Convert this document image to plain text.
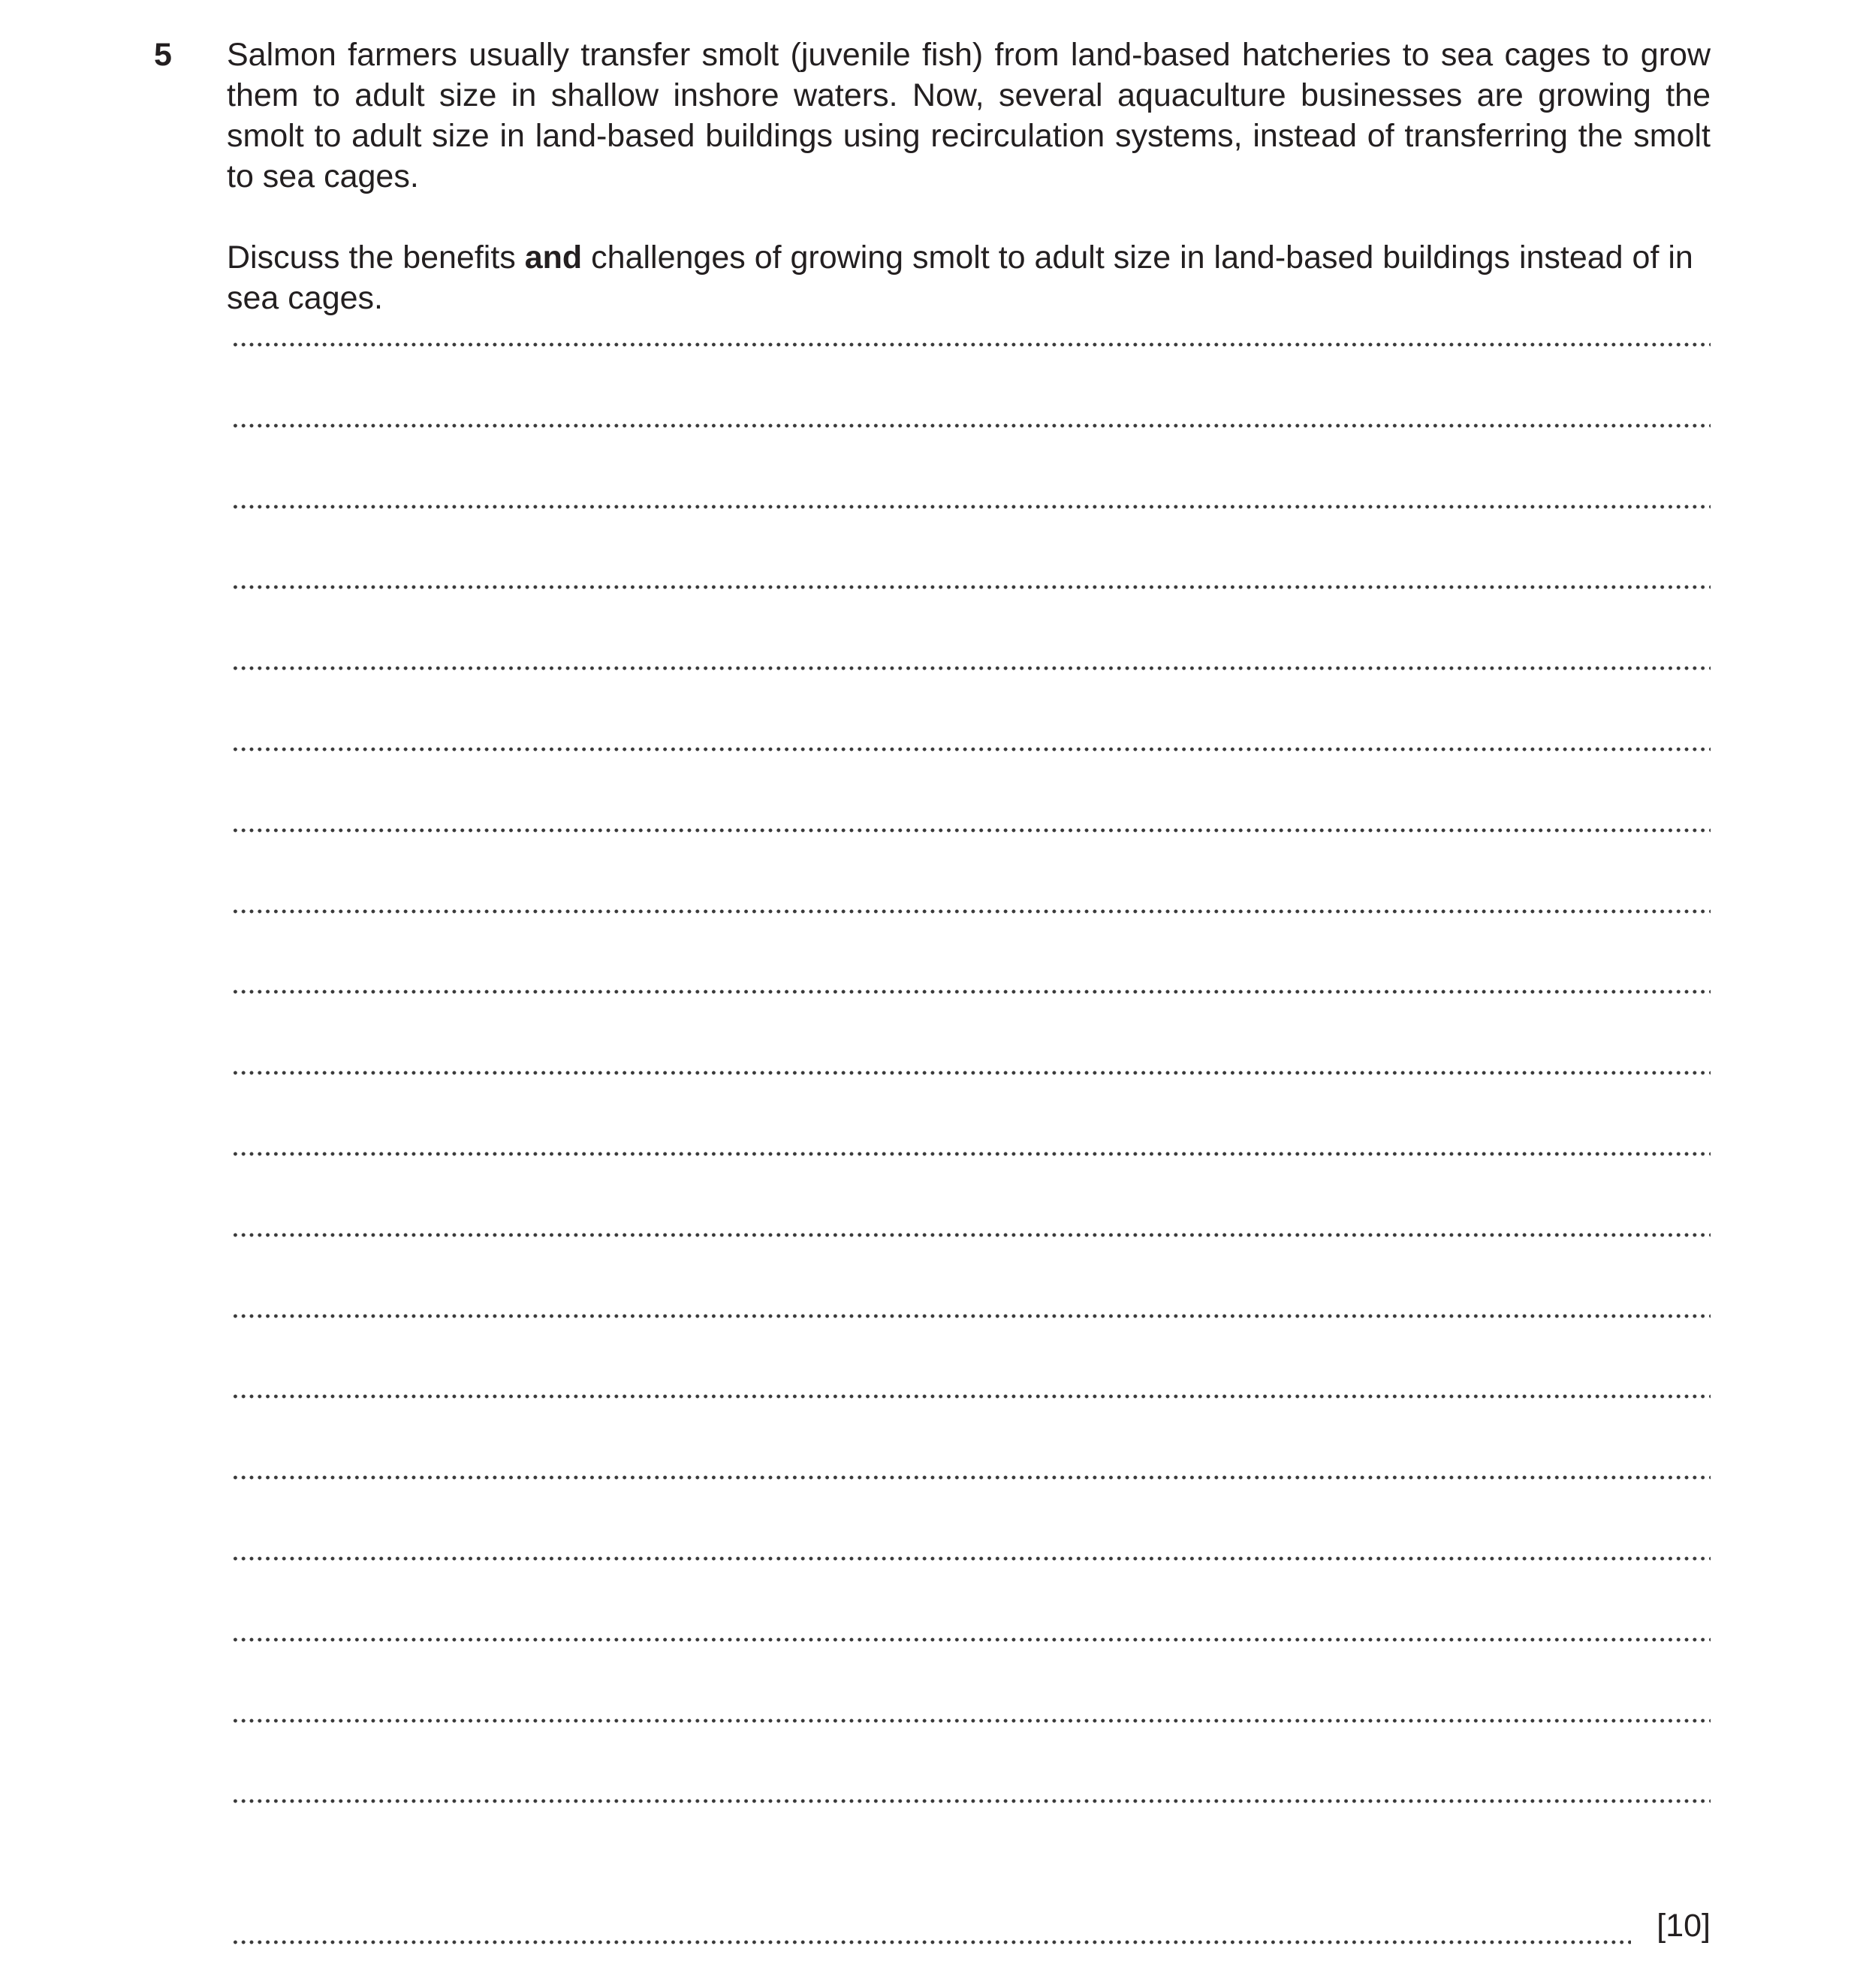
5 Salmon farmers usually transfer smolt (juvenile fish) from land-based hatcheries to sea cages to grow them to adult size in shallow inshore waters. Now, several aquaculture businesses are growing the smolt to adult size in land-based buildings using recirculation systems, instead of transferring the smolt to sea cages.

Discuss the benefits and challenges of growing smolt to adult size in land-based buildings instead of in sea cages.

[10]
